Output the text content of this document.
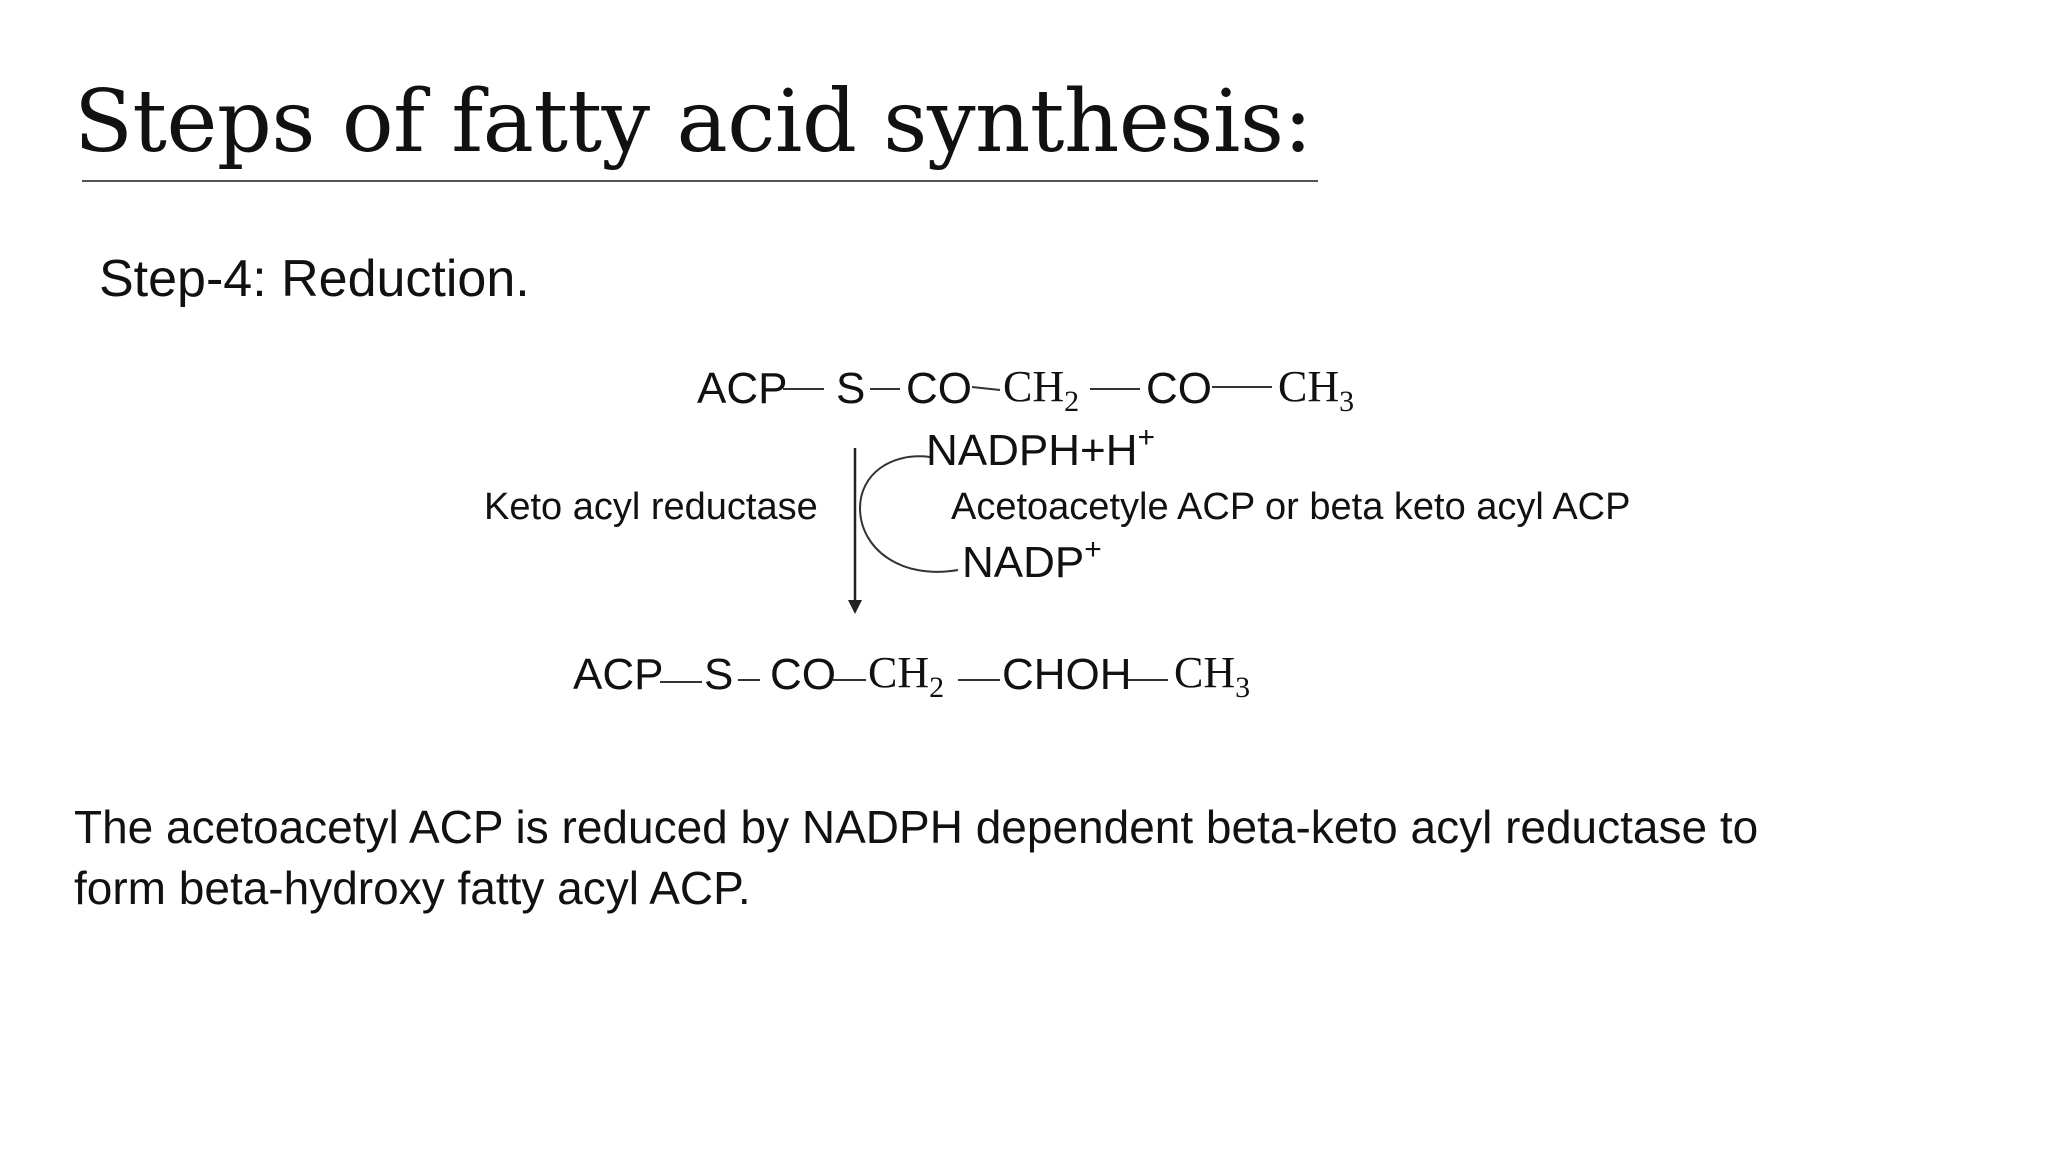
Steps of fatty acid synthesis:
Step-4: Reduction.
ACP S CO $CH_2$ CO $CH_3$
NADPH+H+
NADP+
Keto acyl reductase	Acetoacetyle ACP or beta keto acyl ACP
ACP S CO $CH_2$ CHOH $CH_3$
The acetoacetyl ACP is reduced by NADPH dependent beta-keto acyl reductase to
form beta-hydroxy fatty acyl ACP.
